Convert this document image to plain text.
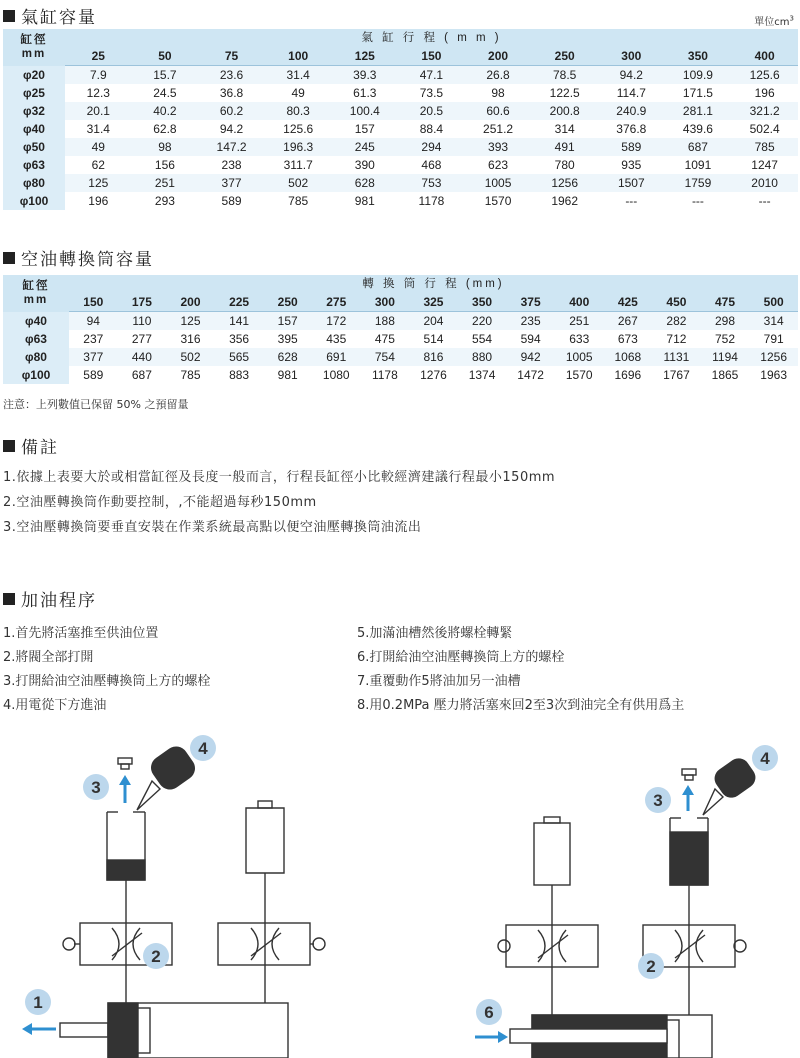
氣缸容量	單位$cm^3$
缸徑
mm	氣 缸 行 程 ( m m )										
	25	50	75	100	125	150	200	250	300	350	400
φ20	7.9	15.7	23.6	31.4	39.3	47.1	26.8	78.5	94.2	109.9	125.6
φ25	12.3	24.5	36.8	49	61.3	73.5	98	122.5	114.7	171.5	196
φ32	20.1	40.2	60.2	80.3	100.4	20.5	60.6	200.8	240.9	281.1	321.2
φ40	31.4	62.8	94.2	125.6	157	88.4	251.2	314	376.8	439.6	502.4
φ50	49	98	147.2	196.3	245	294	393	491	589	687	785
φ63	62	156	238	311.7	390	468	623	780	935	1091	1247
φ80	125	251	377	502	628	753	1005	1256	1507	1759	2010
φ100	196	293	589	785	981	1178	1570	1962	---	---	---
空油轉換筒容量
缸徑
mm	轉 換 筒 行 程 (mm)														
	150	175	200	225	250	275	300	325	350	375	400	425	450	475	500
φ40	94	110	125	141	157	172	188	204	220	235	251	267	282	298	314
φ63	237	277	316	356	395	435	475	514	554	594	633	673	712	752	791
φ80	377	440	502	565	628	691	754	816	880	942	1005	1068	1131	1194	1256
φ100	589	687	785	883	981	1080	1178	1276	1374	1472	1570	1696	1767	1865	1963
注意：上列數值已保留 50% 之預留量
備註
1.依據上表要大於或相當缸徑及長度一般而言，行程長缸徑小比較經濟建議行程最小150mm
2.空油壓轉換筒作動要控制，,不能超過每秒150mm
3.空油壓轉換筒要垂直安裝在作業系統最高點以便空油壓轉換筒油流出
加油程序
1.首先將活塞推至供油位置
2.將閥全部打開
3.打開給油空油壓轉換筒上方的螺栓
4.用電從下方進油
5.加滿油槽然後將螺栓轉緊
6.打開給油空油壓轉換筒上方的螺栓
7.重覆動作5將油加另一油槽
8.用0.2MPa 壓力將活塞來回2至3次到油完全有供用爲主
4
3
2
1
4
3
2
6
